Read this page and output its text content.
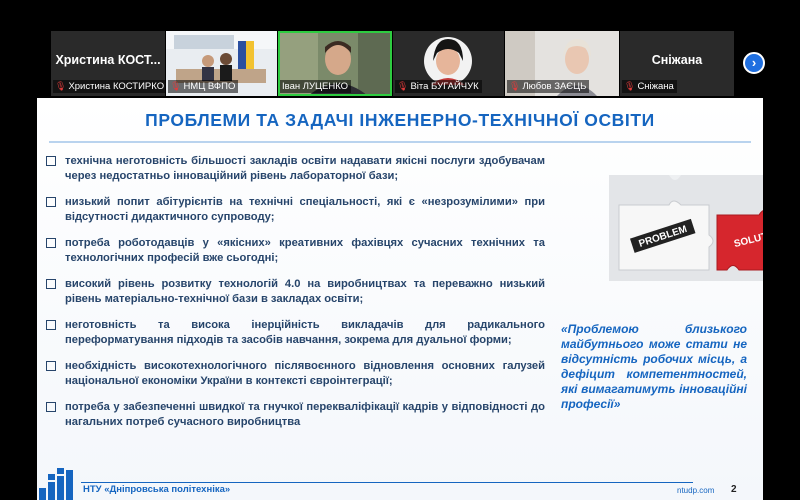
Христина КОСТ...
🎙 Христина КОСТИРКО 🎙 НМЦ ВФПО	Іван ЛУЦЕНКО	🎙 Віта БУГАЙЧУК	🎙 Любов ЗАЄЦЬ
Сніжана
🎙 Сніжана
›
ПРОБЛЕМИ ТА ЗАДАЧІ ІНЖЕНЕРНО-ТЕХНІЧНОЇ ОСВІТИ
технічна неготовність більшості закладів освіти надавати якісні послуги здобувачам через недостатньо інноваційний рівень лабораторної бази;
низький попит абітурієнтів на технічні спеціальності, які є «незрозумілими» при відсутності дидактичного супроводу;
потреба роботодавців у «якісних» креативних фахівцях сучасних технічних та технологічних професій вже сьогодні;
високий рівень розвитку технологій 4.0 на виробництвах та переважно низький рівень матеріально-технічної бази в закладах освіти;
неготовність та висока інерційність викладачів для радикального переформатування підходів та засобів навчання, зокрема для дуальної форми;
необхідність високотехнологічного післявоєнного відновлення основних галузей національної економіки України в контексті євроінтеграції;
потреба у забезпеченні швидкої та гнучкої перекваліфікації кадрів у відповідності до нагальних потреб сучасного виробництва
PROBLEM	SOLUTION
«Проблемою близького майбутнього може стати не відсутність робочих місць, а дефіцит компетентностей, які вимагатимуть інноваційні професії»
НТУ «Дніпровська політехніка»	ntudp.com 2
